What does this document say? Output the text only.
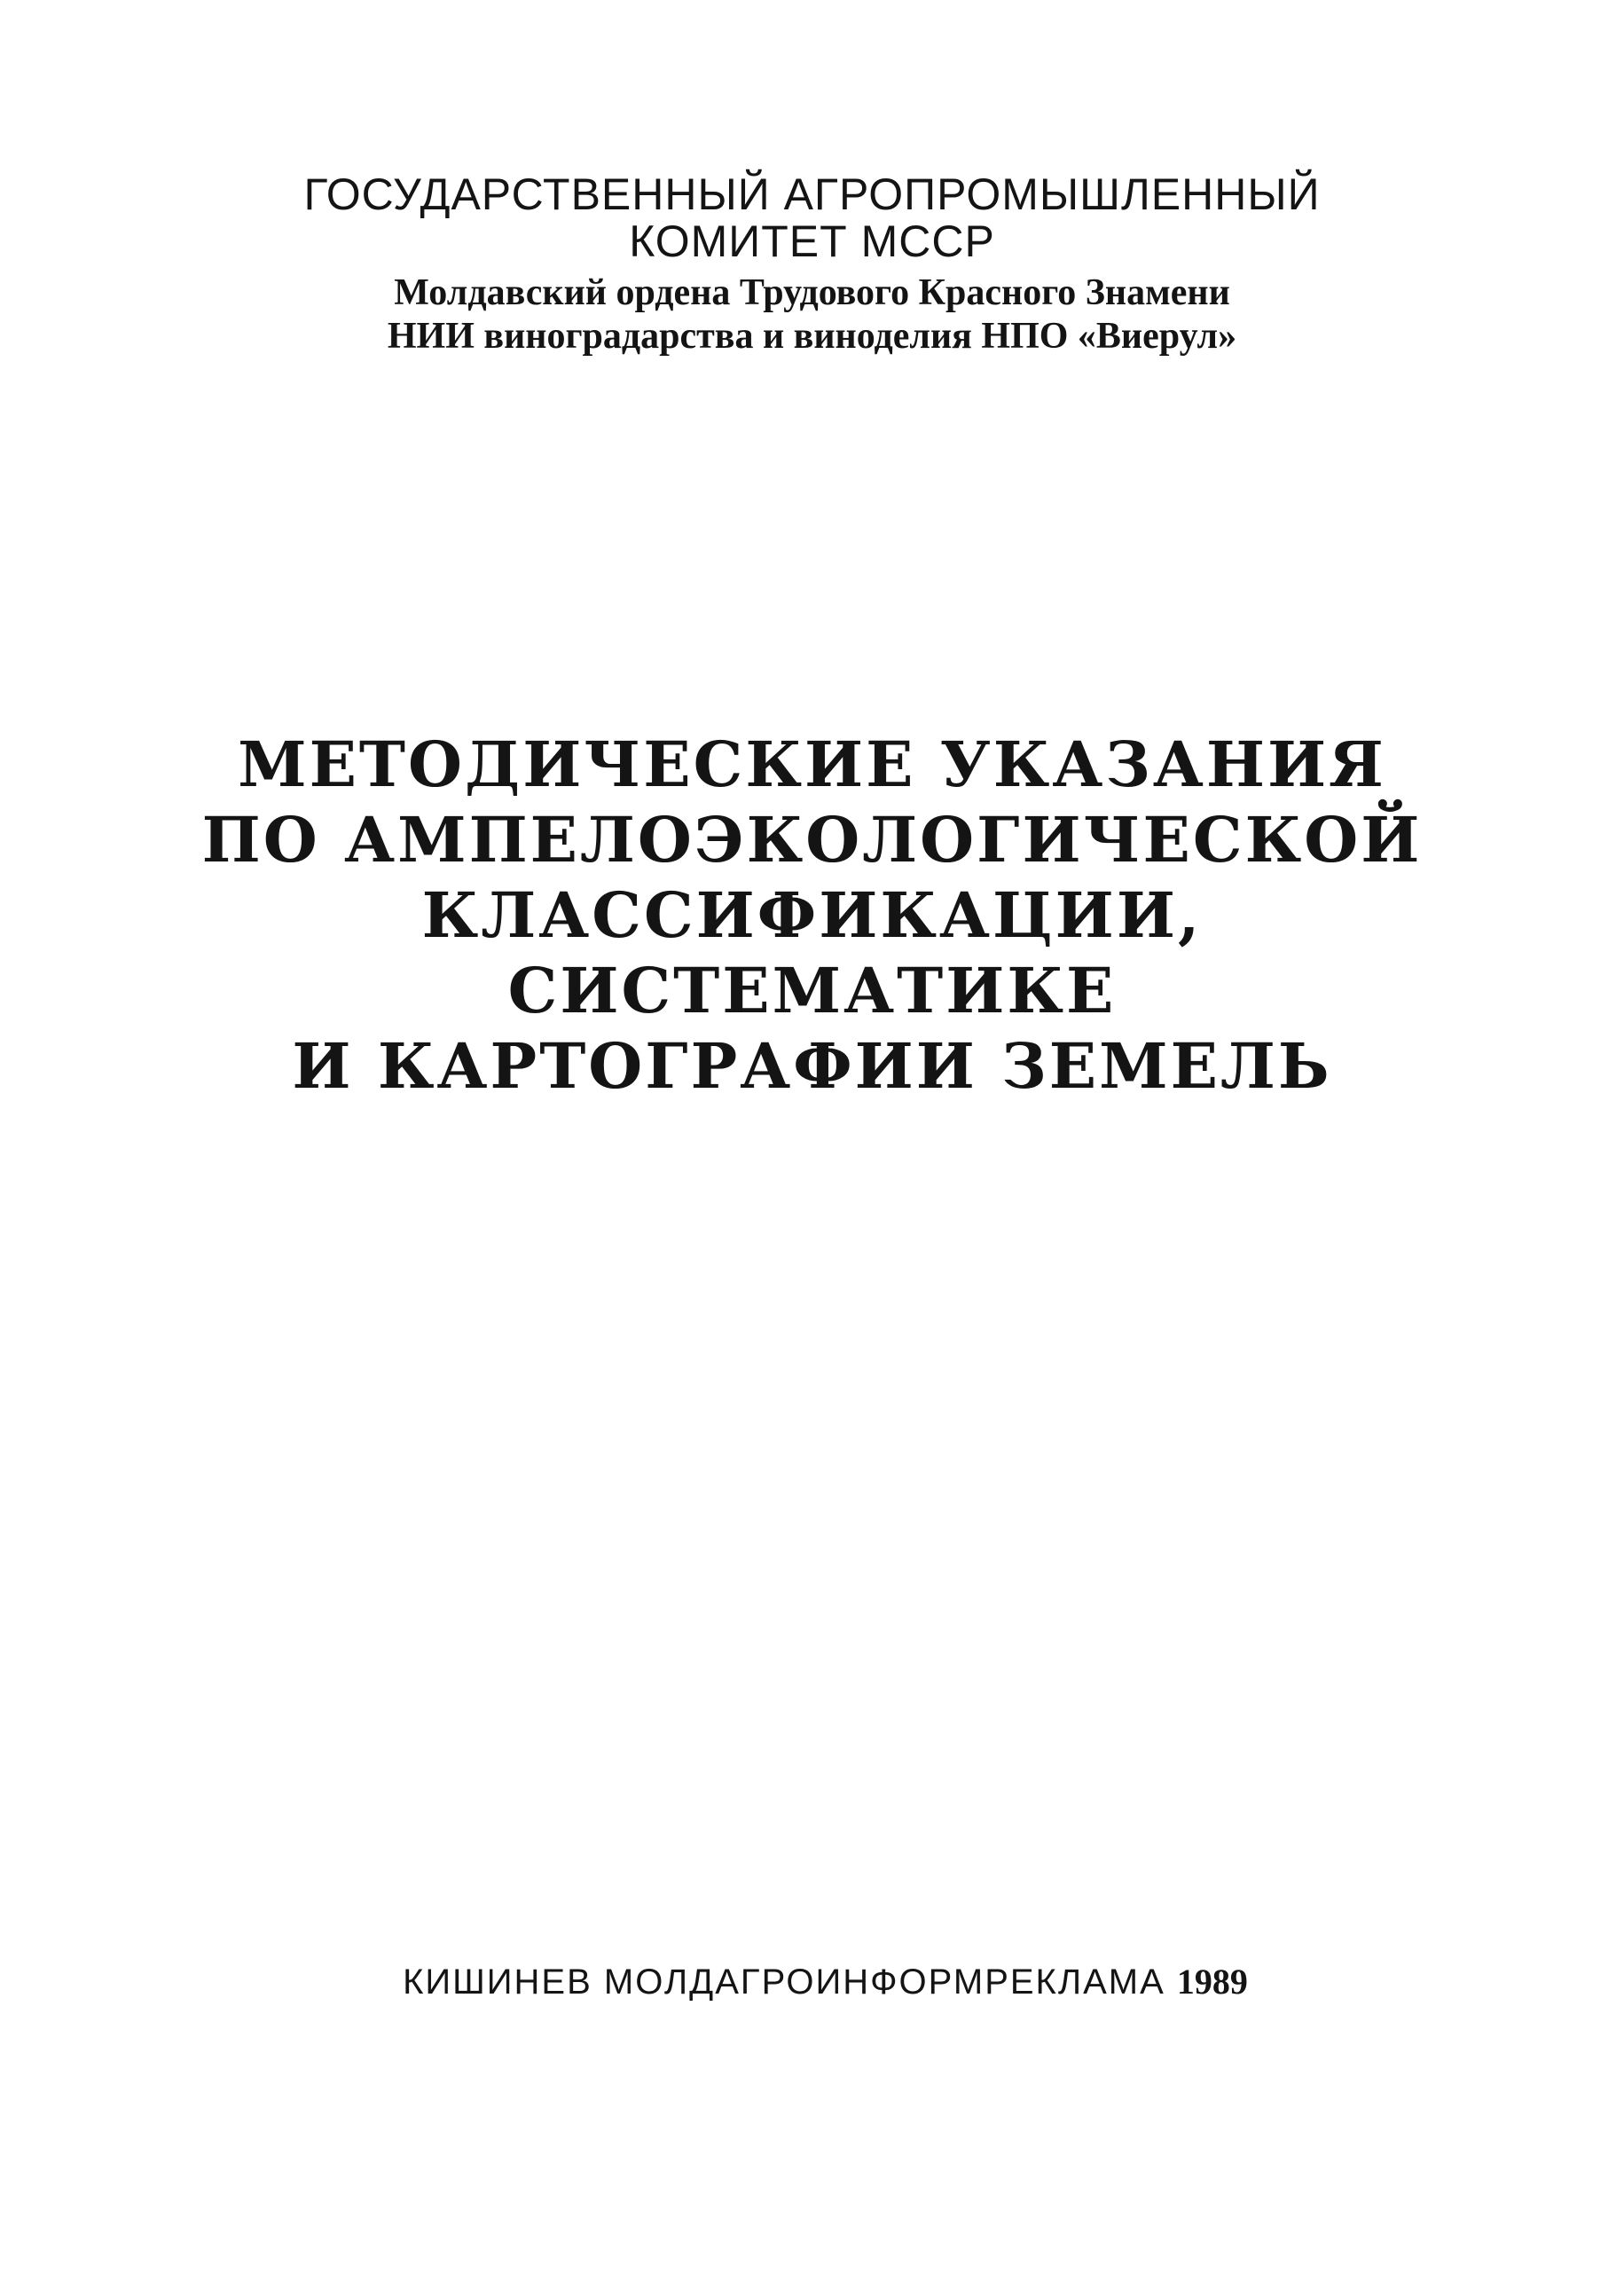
ГОСУДАРСТВЕННЫЙ АГРОПРОМЫШЛЕННЫЙ
КОМИТЕТ МССР
Молдавский ордена Трудового Красного Знамени
НИИ виноградарства и виноделия НПО «Виерул»
МЕТОДИЧЕСКИЕ УКАЗАНИЯ
ПО АМПЕЛОЭКОЛОГИЧЕСКОЙ
КЛАССИФИКАЦИИ,
СИСТЕМАТИКЕ
И КАРТОГРАФИИ ЗЕМЕЛЬ
КИШИНЕВ МОЛДАГРОИНФОРМРЕКЛАМА 1989
